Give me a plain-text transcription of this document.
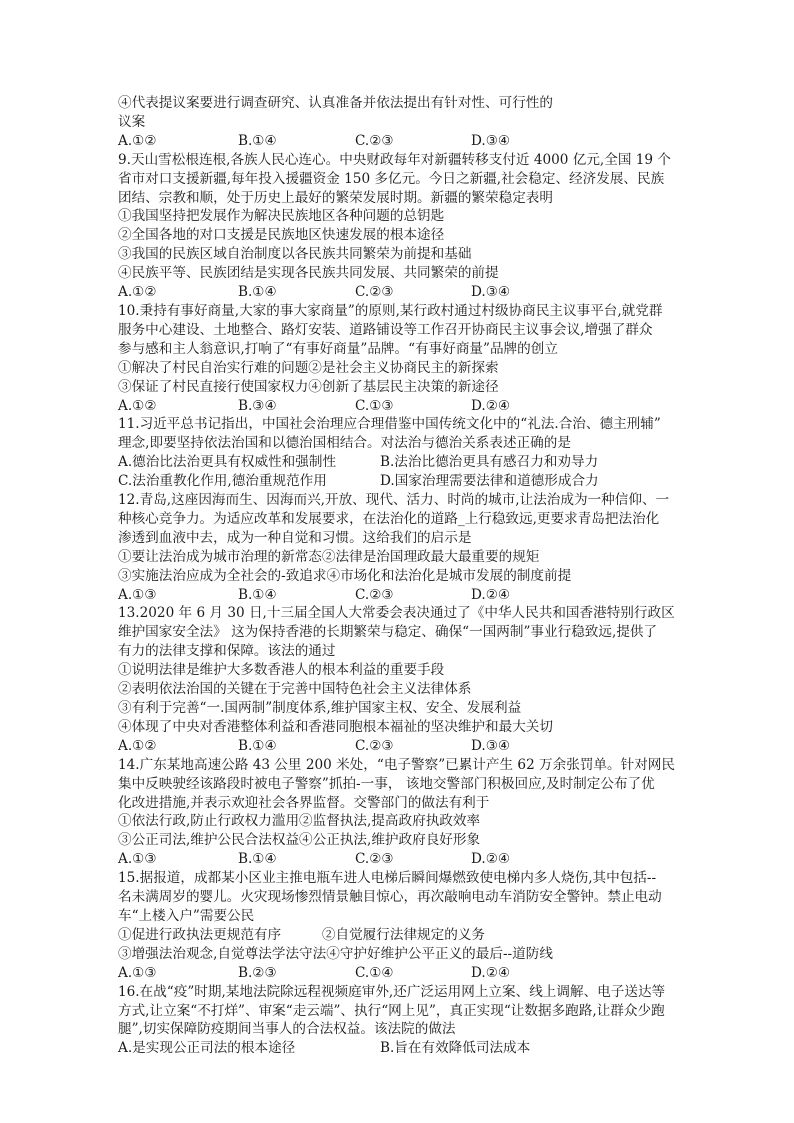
④代表提议案要进行调查研究、认真准备并依法提出有针对性、可行性的
议案
A.①②	B.①④	C.②③	D.③④
9.天山雪松根连根,各族人民心连心。中央财政每年对新疆转移支付近 4000 亿元,全国 19 个
省市对口支援新疆,每年投入援疆资金 150 多亿元。今日之新疆,社会稳定、经济发展、民族
团结、宗教和顺，处于历史上最好的繁荣发展时期。新疆的繁荣稳定表明
①我国坚持把发展作为解决民族地区各种问题的总钥匙
②全国各地的对口支援是民族地区快速发展的根本途径
③我国的民族区域自治制度以各民族共同繁荣为前提和基础
④民族平等、民族团结是实现各民族共同发展、共同繁荣的前提
A.①②	B.①④	C.②③	D.③④
10.秉持有事好商量,大家的事大家商量”的原则,某行政村通过村级协商民主议事平台,就党群
服务中心建设、土地整合、路灯安装、道路铺设等工作召开协商民主议事会议,增强了群众
参与感和主人翁意识,打响了“有事好商量”品牌。“有事好商量”品牌的创立
①解决了村民自治实行难的问题②是社会主义协商民主的新探索
③保证了村民直接行使国家权力④创新了基层民主决策的新途径
A.①②	B.③④	C.①③	D.②④
11.习近平总书记指出，中国社会治理应合理借鉴中国传统文化中的“礼法.合治、德主刑辅”
理念,即要坚持依法治国和以德治国相结合。对法治与德治关系表述正确的是
A.德治比法治更具有权威性和强制性	B.法治比德治更具有感召力和劝导力
C.法治重教化作用,德治重规范作用	D.国家治理需要法律和道德形成合力
12.青岛,这座因海而生、因海而兴,开放、现代、活力、时尚的城市,让法治成为一种信仰、一
种核心竞争力。为适应改革和发展要求，在法治化的道路_上行稳致远,更要求青岛把法治化
渗透到血液中去，成为一种自觉和习惯。这给我们的启示是
①要让法治成为城市治理的新常态②法律是治国理政最大最重要的规矩
③实施法治应成为全社会的-致追求④市场化和法治化是城市发展的制度前提
A.①③	B.①④	C.②③	D.②④
13.2020 年 6 月 30 日,十三届全国人大常委会表决通过了《中华人民共和国香港特别行政区
维护国家安全法》 这为保持香港的长期繁荣与稳定、确保“一国两制”事业行稳致远,提供了
有力的法律支撑和保障。该法的通过
①说明法律是维护大多数香港人的根本利益的重要手段
②表明依法治国的关键在于完善中国特色社会主义法律体系
③有利于完善“一.国两制”制度体系,维护国家主权、安全、发展利益
④体现了中央对香港整体利益和香港同胞根本福祉的坚决维护和最大关切
A.①②	B.①④	C.②③	D.③④
14.广东某地高速公路 43 公里 200 米处，“电子警察”已累计产生 62 万余张罚单。针对网民
集中反映驶经该路段时被电子警察”抓拍-一事， 该地交警部门积极回应,及时制定公布了优
化改进措施,并表示欢迎社会各界监督。交警部门的做法有利于
①依法行政,防止行政权力滥用②监督执法,提高政府执政效率
③公正司法,维护公民合法权益④公正执法,维护政府良好形象
A.①③	B.①④	C.②③	D.②④
15.据报道，成都某小区业主推电瓶车进人电梯后瞬间爆燃致使电梯内多人烧伤,其中包括--
名未满周岁的婴儿。火灾现场惨烈情景触目惊心，再次敲响电动车消防安全警钟。禁止电动
车“上楼入户”需要公民
①促进行政执法更规范有序　　　②自觉履行法律规定的义务
③增强法治观念,自觉尊法学法守法④守护好维护公平正义的最后--道防线
A.①③	B.②③	C.①④	D.②④
16.在战“疫”时期,某地法院除远程视频庭审外,还广泛运用网上立案、线上调解、电子送达等
方式,让立案“不打烊”、审案“走云端”、执行“网上见”，真正实现“让数据多跑路,让群众少跑
腿”,切实保障防疫期间当事人的合法权益。该法院的做法
A.是实现公正司法的根本途径	B.旨在有效降低司法成本
